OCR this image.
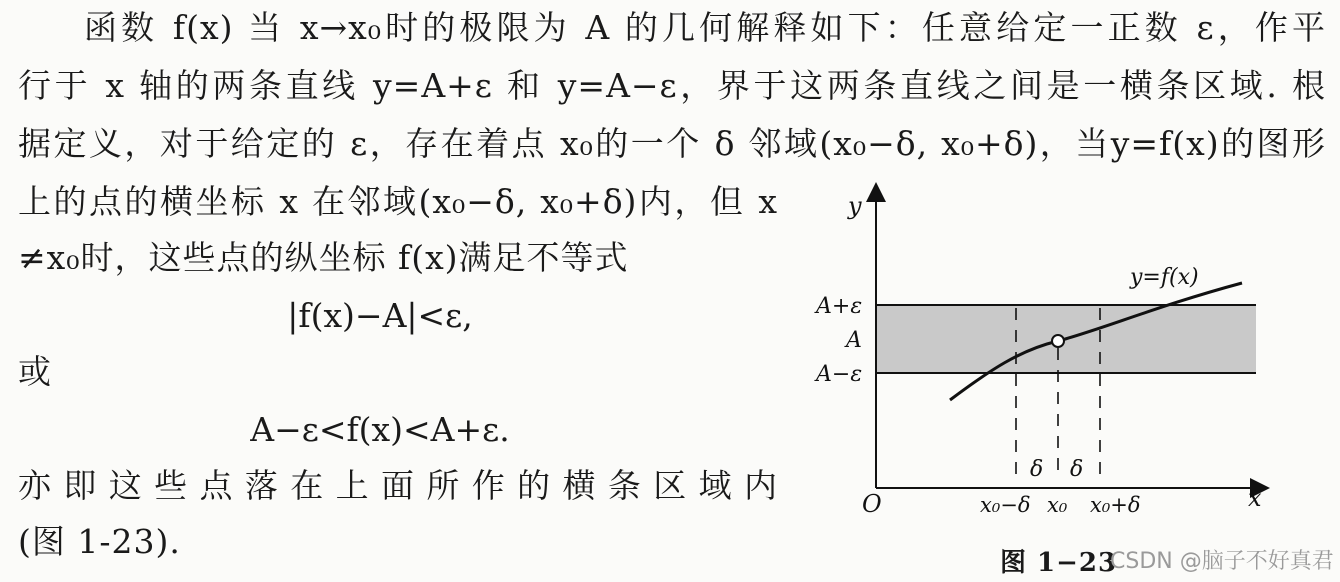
函数 f(x) 当 x→x₀时的极限为 A 的几何解释如下：任意给定一正数 ε，作平
行于 x 轴的两条直线 y=A+ε 和 y=A−ε，界于这两条直线之间是一横条区域. 根
据定义，对于给定的 ε，存在着点 x₀的一个 δ 邻域(x₀−δ, x₀+δ)，当y=f(x)的图形
上的点的横坐标 x 在邻域(x₀−δ, x₀+δ)内，但 x
≠x₀时，这些点的纵坐标 f(x)满足不等式
|f(x)−A|<ε,
或
A−ε<f(x)<A+ε.
亦即这些点落在上面所作的横条区域内
(图 1-23).
y
x
O
y=f(x)
A+ε
A
A−ε
δ δ
x₀−δ x₀ x₀+δ
图 1−23
CSDN @脑子不好真君
